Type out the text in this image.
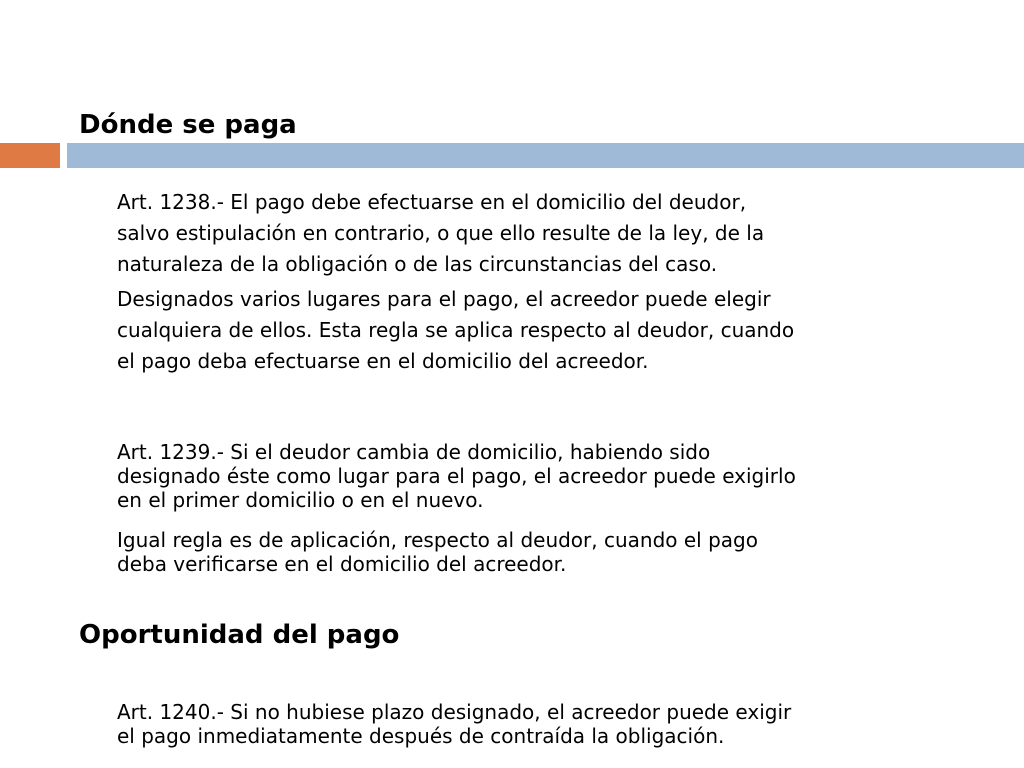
Dónde se paga

Art. 1238.- El pago debe efectuarse en el domicilio del deudor,
salvo estipulación en contrario, o que ello resulte de la ley, de la
naturaleza de la obligación o de las circunstancias del caso.

Designados varios lugares para el pago, el acreedor puede elegir
cualquiera de ellos. Esta regla se aplica respecto al deudor, cuando
el pago deba efectuarse en el domicilio del acreedor.

Art. 1239.- Si el deudor cambia de domicilio, habiendo sido
designado éste como lugar para el pago, el acreedor puede exigirlo
en el primer domicilio o en el nuevo.

Igual regla es de aplicación, respecto al deudor, cuando el pago
deba verificarse en el domicilio del acreedor.

Oportunidad del pago

Art. 1240.- Si no hubiese plazo designado, el acreedor puede exigir
el pago inmediatamente después de contraída la obligación.
